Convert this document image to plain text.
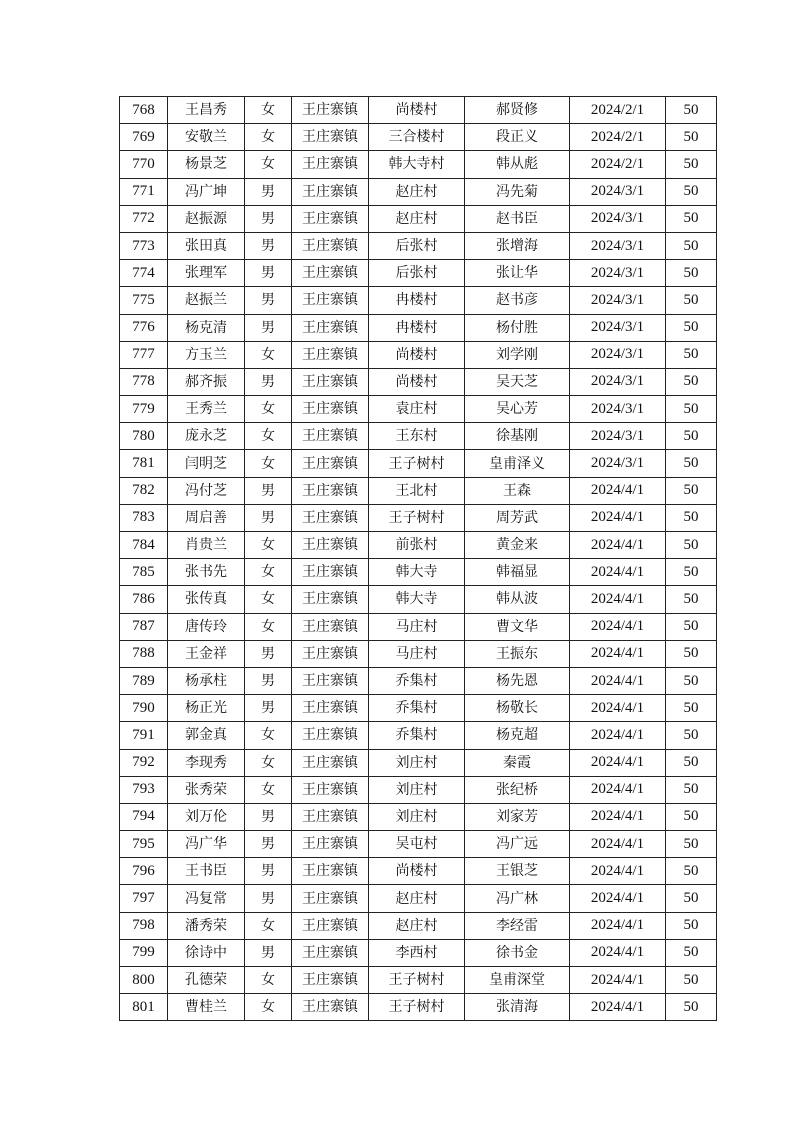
768	王昌秀	女	王庄寨镇	尚楼村	郝贤修	2024/2/1	50
769	安敬兰	女	王庄寨镇	三合楼村	段正义	2024/2/1	50
770	杨景芝	女	王庄寨镇	韩大寺村	韩从彪	2024/2/1	50
771	冯广坤	男	王庄寨镇	赵庄村	冯先菊	2024/3/1	50
772	赵振源	男	王庄寨镇	赵庄村	赵书臣	2024/3/1	50
773	张田真	男	王庄寨镇	后张村	张增海	2024/3/1	50
774	张理军	男	王庄寨镇	后张村	张让华	2024/3/1	50
775	赵振兰	男	王庄寨镇	冉楼村	赵书彦	2024/3/1	50
776	杨克清	男	王庄寨镇	冉楼村	杨付胜	2024/3/1	50
777	方玉兰	女	王庄寨镇	尚楼村	刘学刚	2024/3/1	50
778	郝齐振	男	王庄寨镇	尚楼村	吴天芝	2024/3/1	50
779	王秀兰	女	王庄寨镇	袁庄村	吴心芳	2024/3/1	50
780	庞永芝	女	王庄寨镇	王东村	徐基刚	2024/3/1	50
781	闫明芝	女	王庄寨镇	王子树村	皇甫泽义	2024/3/1	50
782	冯付芝	男	王庄寨镇	王北村	王森	2024/4/1	50
783	周启善	男	王庄寨镇	王子树村	周芳武	2024/4/1	50
784	肖贵兰	女	王庄寨镇	前张村	黄金来	2024/4/1	50
785	张书先	女	王庄寨镇	韩大寺	韩福显	2024/4/1	50
786	张传真	女	王庄寨镇	韩大寺	韩从波	2024/4/1	50
787	唐传玲	女	王庄寨镇	马庄村	曹文华	2024/4/1	50
788	王金祥	男	王庄寨镇	马庄村	王振东	2024/4/1	50
789	杨承柱	男	王庄寨镇	乔集村	杨先恩	2024/4/1	50
790	杨正光	男	王庄寨镇	乔集村	杨敬长	2024/4/1	50
791	郭金真	女	王庄寨镇	乔集村	杨克超	2024/4/1	50
792	李现秀	女	王庄寨镇	刘庄村	秦霞	2024/4/1	50
793	张秀荣	女	王庄寨镇	刘庄村	张纪桥	2024/4/1	50
794	刘万伦	男	王庄寨镇	刘庄村	刘家芳	2024/4/1	50
795	冯广华	男	王庄寨镇	吴屯村	冯广远	2024/4/1	50
796	王书臣	男	王庄寨镇	尚楼村	王银芝	2024/4/1	50
797	冯复常	男	王庄寨镇	赵庄村	冯广林	2024/4/1	50
798	潘秀荣	女	王庄寨镇	赵庄村	李经雷	2024/4/1	50
799	徐诗中	男	王庄寨镇	李西村	徐书金	2024/4/1	50
800	孔德荣	女	王庄寨镇	王子树村	皇甫深堂	2024/4/1	50
801	曹桂兰	女	王庄寨镇	王子树村	张清海	2024/4/1	50
